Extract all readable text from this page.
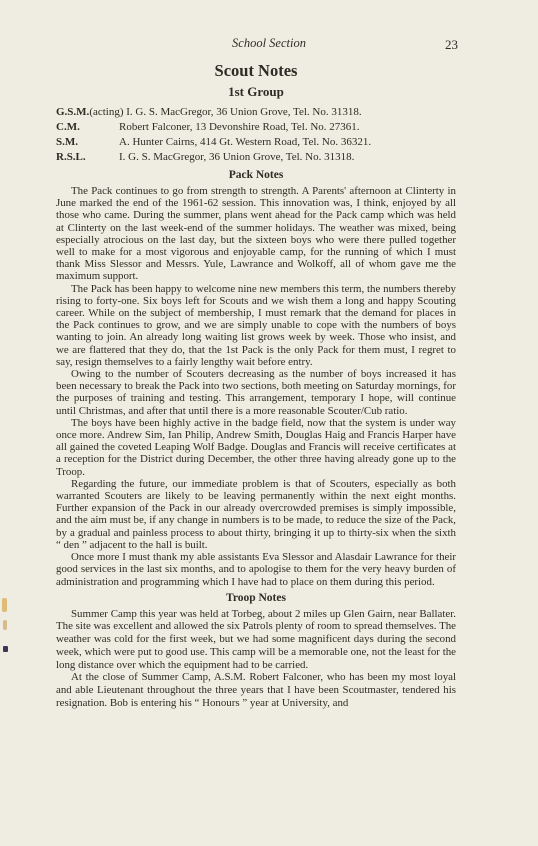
School Section	23
Scout Notes
1st Group
G.S.M. (acting) I. G. S. MacGregor, 36 Union Grove, Tel. No. 31318.
C.M.	Robert Falconer, 13 Devonshire Road, Tel. No. 27361.
S.M.	A. Hunter Cairns, 414 Gt. Western Road, Tel. No. 36321.
R.S.L.	I. G. S. MacGregor, 36 Union Grove, Tel. No. 31318.
Pack Notes

The Pack continues to go from strength to strength. A Parents' afternoon at Clinterty in June marked the end of the 1961-62 session. This innovation was, I think, enjoyed by all those who came. During the summer, plans went ahead for the Pack camp which was held at Clinterty on the last week-end of the summer holidays. The weather was mixed, being especially atrocious on the last day, but the sixteen boys who were there pulled together well to make for a most vigorous and enjoyable camp, for the running of which I must thank Miss Slessor and Messrs. Yule, Lawrance and Wolkoff, all of whom gave me the maximum support.

The Pack has been happy to welcome nine new members this term, the numbers thereby rising to forty-one. Six boys left for Scouts and we wish them a long and happy Scouting career. While on the subject of membership, I must remark that the demand for places in the Pack continues to grow, and we are simply unable to cope with the numbers of boys wanting to join. An already long waiting list grows week by week. Those who insist, and we are flattered that they do, that the 1st Pack is the only Pack for them must, I regret to say, resign themselves to a fairly lengthy wait before entry.

Owing to the number of Scouters decreasing as the number of boys increased it has been necessary to break the Pack into two sections, both meeting on Saturday mornings, for the purposes of training and testing. This arrangement, temporary I hope, will continue until Christmas, and after that until there is a more reasonable Scouter/Cub ratio.

The boys have been highly active in the badge field, now that the system is under way once more. Andrew Sim, Ian Philip, Andrew Smith, Douglas Haig and Francis Harper have all gained the coveted Leaping Wolf Badge. Douglas and Francis will receive certificates at a reception for the District during December, the other three having already gone up to the Troop.

Regarding the future, our immediate problem is that of Scouters, especially as both warranted Scouters are likely to be leaving permanently within the next eight months. Further expansion of the Pack in our already overcrowded premises is simply impossible, and the aim must be, if any change in numbers is to be made, to reduce the size of the Pack, by a gradual and painless process to about thirty, bringing it up to thirty-six when the sixth “ den ” adjacent to the hall is built.

Once more I must thank my able assistants Eva Slessor and Alasdair Lawrance for their good services in the last six months, and to apologise to them for the very heavy burden of administration and programming which I have had to place on them during this period.

Troop Notes

Summer Camp this year was held at Torbeg, about 2 miles up Glen Gairn, near Ballater. The site was excellent and allowed the six Patrols plenty of room to spread themselves. The weather was cold for the first week, but we had some magnificent days during the second week, which were put to good use. This camp will be a memorable one, not the least for the long distance over which the equipment had to be carried.

At the close of Summer Camp, A.S.M. Robert Falconer, who has been my most loyal and able Lieutenant throughout the three years that I have been Scoutmaster, tendered his resignation. Bob is entering his “ Honours ” year at University, and
